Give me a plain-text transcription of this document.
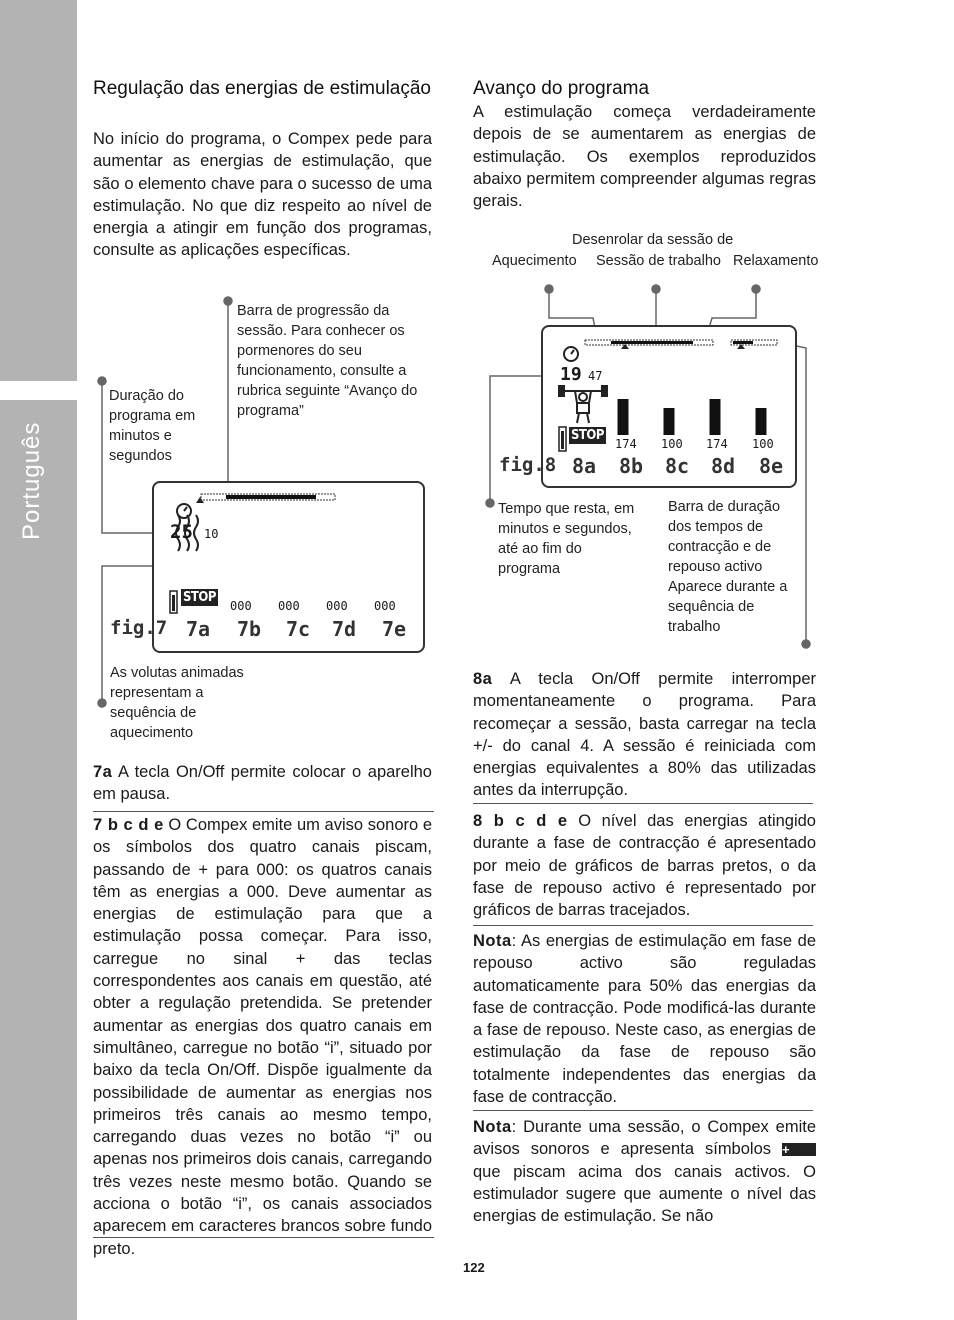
Português
Regulação das energias de estimulação
No início do programa, o Compex pede para aumentar as energias de estimulação, que são o elemento chave para o sucesso de uma estimulação. No que diz respeito ao nível de energia a atingir em função dos programas, consulte as aplicações específicas.
Barra de progressão da sessão. Para conhecer os pormenores do seu funcionamento, consulte a rubrica seguinte “Avanço do programa”
Duração do programa em minutos e segundos
As volutas animadas representam a sequência de aquecimento
25 10
STOP
000 000 000 000
fig.7 7a 7b 7c 7d 7e
7a A tecla On/Off permite colocar o aparelho em pausa.
7 b c d e O Compex emite um aviso sonoro e os símbolos dos quatro canais piscam, passando de + para 000: os quatros canais têm as energias a 000. Deve aumentar as energias de estimulação para que a estimulação possa começar. Para isso, carregue no sinal + das teclas correspondentes aos canais em questão, até obter a regulação pretendida. Se pretender aumentar as energias dos quatro canais em simultâneo, carregue no botão “i”, situado por baixo da tecla On/Off. Dispõe igualmente da possibilidade de aumentar as energias nos primeiros três canais ao mesmo tempo, carregando duas vezes no botão “i” ou apenas nos primeiros dois canais, carregando três vezes neste mesmo botão. Quando se acciona o botão “i”, os canais associados aparecem em caracteres brancos sobre fundo preto.
Avanço do programa
A estimulação começa verdadeiramente depois de se aumentarem as energias de estimulação. Os exemplos reproduzidos abaixo permitem compreender algumas regras gerais.
Desenrolar da sessão de
Aquecimento Sessão de trabalho Relaxamento
19 47
STOP
174 100 174 100
fig.8 8a 8b 8c 8d 8e
Tempo que resta, em minutos e segundos, até ao fim do programa
Barra de duração dos tempos de contracção e de repouso activo Aparece durante a sequência de trabalho
8a A tecla On/Off permite interromper momentaneamente o programa. Para recomeçar a sessão, basta carregar na tecla +/- do canal 4. A sessão é reiniciada com energias equivalentes a 80% das utilizadas antes da interrupção.
8 b c d e O nível das energias atingido durante a fase de contracção é apresentado por meio de gráficos de barras pretos, o da fase de repouso activo é representado por gráficos de barras tracejados.
Nota: As energias de estimulação em fase de repouso activo são reguladas automaticamente para 50% das energias da fase de contracção. Pode modificá-las durante a fase de repouso. Neste caso, as energias de estimulação da fase de repouso são totalmente independentes das energias da fase de contracção.
Nota: Durante uma sessão, o Compex emite avisos sonoros e apresenta símbolos + que piscam acima dos canais activos. O estimulador sugere que aumente o nível das energias de estimulação. Se não
122
